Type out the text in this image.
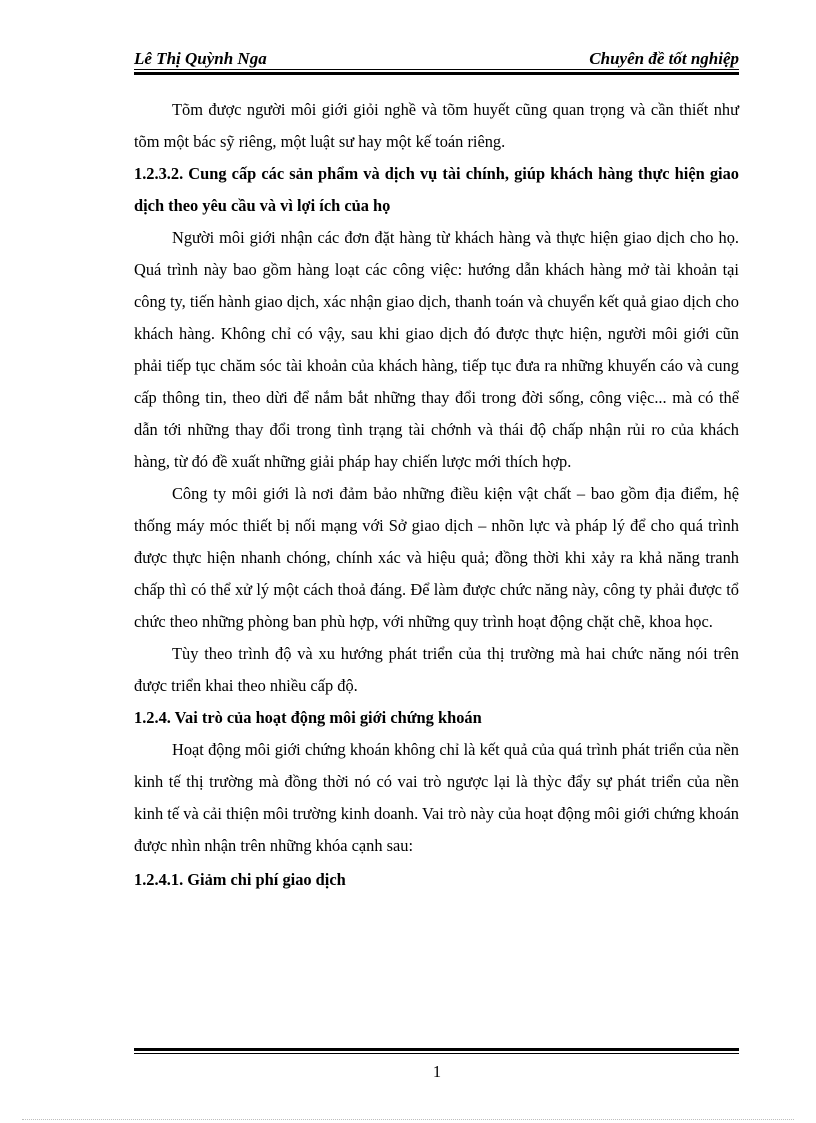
Lê Thị Quỳnh Nga	Chuyên đề tốt nghiệp

Tõm được người môi giới giỏi nghề và tõm huyết cũng quan trọng và cần thiết như tõm một bác sỹ riêng, một luật sư hay một kế toán riêng.

1.2.3.2. Cung cấp các sản phẩm và dịch vụ tài chính, giúp khách hàng thực hiện giao dịch theo yêu cầu và vì lợi ích của họ

Người môi giới nhận các đơn đặt hàng từ khách hàng và thực hiện giao dịch cho họ. Quá trình này bao gồm hàng loạt các công việc: hướng dẫn khách hàng mở tài khoản tại công ty, tiến hành giao dịch, xác nhận giao dịch, thanh toán và chuyển kết quả giao dịch cho khách hàng. Không chỉ có vậy, sau khi giao dịch đó được thực hiện, người môi giới cũn phải tiếp tục chăm sóc tài khoản của khách hàng, tiếp tục đưa ra những khuyến cáo và cung cấp thông tin, theo dừi để nắm bắt những thay đổi trong đời sống, công việc... mà có thể dẫn tới những thay đổi trong tình trạng tài chớnh và thái độ chấp nhận rủi ro của khách hàng, từ đó đề xuất những giải pháp hay chiến lược mới thích hợp.

Công ty môi giới là nơi đảm bảo những điều kiện vật chất – bao gồm địa điểm, hệ thống máy móc thiết bị nối mạng với Sở giao dịch – nhõn lực và pháp lý để cho quá trình được thực hiện nhanh chóng, chính xác và hiệu quả; đồng thời khi xảy ra khả năng tranh chấp thì có thể xử lý một cách thoả đáng. Để làm được chức năng này, công ty phải được tổ chức theo những phòng ban phù hợp, với những quy trình hoạt động chặt chẽ, khoa học.

Tùy theo trình độ và xu hướng phát triển của thị trường mà hai chức năng nói trên được triển khai theo nhiều cấp độ.

1.2.4. Vai trò của hoạt động môi giới chứng khoán

Hoạt động môi giới chứng khoán không chỉ là kết quả của quá trình phát triển của nền kinh tế thị trường mà đồng thời nó có vai trò ngược lại là thỳc đẩy sự phát triển của nền kinh tế và cải thiện môi trường kinh doanh. Vai trò này của hoạt động môi giới chứng khoán được nhìn nhận trên những khóa cạnh sau:

1.2.4.1. Giảm chi phí giao dịch
1
